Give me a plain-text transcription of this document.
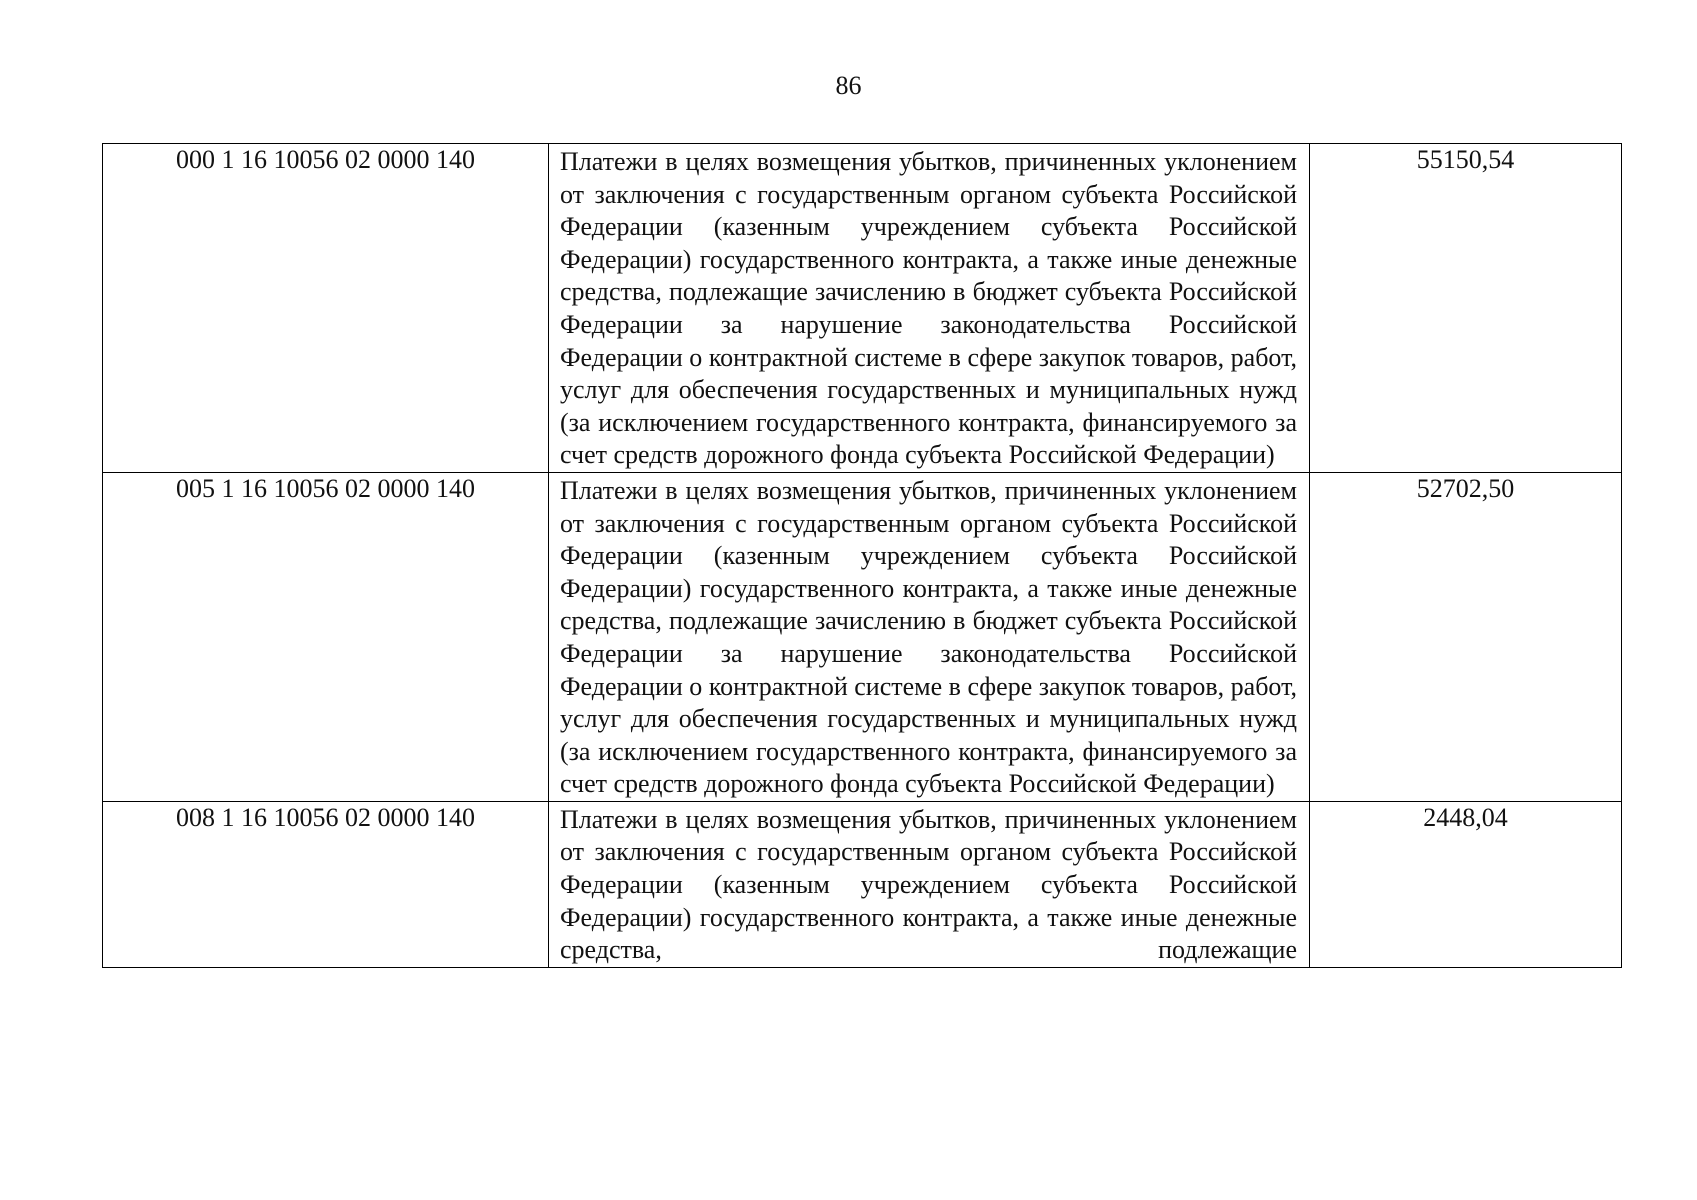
86
000 1 16 10056 02 0000 140	Платежи в целях возмещения убытков, причиненных уклонением от заключения с государственным органом субъекта Российской Федерации (казенным учреждением субъекта Российской Федерации) государственного контракта, а также иные денежные средства, подлежащие зачислению в бюджет субъекта Российской Федерации за нарушение законодательства Российской Федерации о контрактной системе в сфере закупок товаров, работ, услуг для обеспечения государственных и муниципальных нужд (за исключением государственного контракта, финансируемого за счет средств дорожного фонда субъекта Российской Федерации)	55150,54
005 1 16 10056 02 0000 140	Платежи в целях возмещения убытков, причиненных уклонением от заключения с государственным органом субъекта Российской Федерации (казенным учреждением субъекта Российской Федерации) государственного контракта, а также иные денежные средства, подлежащие зачислению в бюджет субъекта Российской Федерации за нарушение законодательства Российской Федерации о контрактной системе в сфере закупок товаров, работ, услуг для обеспечения государственных и муниципальных нужд (за исключением государственного контракта, финансируемого за счет средств дорожного фонда субъекта Российской Федерации)	52702,50
008 1 16 10056 02 0000 140	Платежи в целях возмещения убытков, причиненных уклонением от заключения с государственным органом субъекта Российской Федерации (казенным учреждением субъекта Российской Федерации) государственного контракта, а также иные денежные средства, подлежащие	2448,04
